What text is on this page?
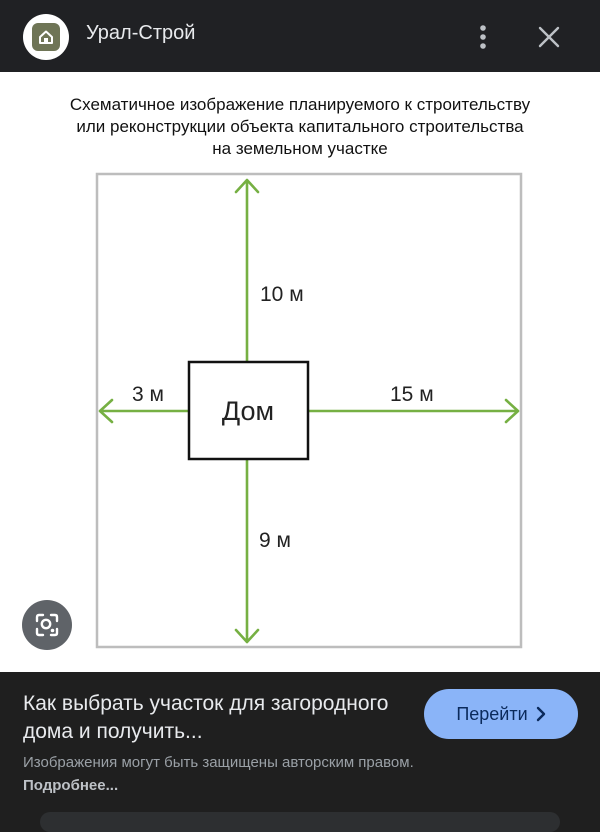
Урал-Строй
Схематичное изображение планируемого к строительству
или реконструкции объекта капитального строительства
на земельном участке
Дом
10 м
3 м	15 м
9 м
Как выбрать участок для загородного дома и получить...
Перейти
Изображения могут быть защищены авторским правом. Подробнее...
